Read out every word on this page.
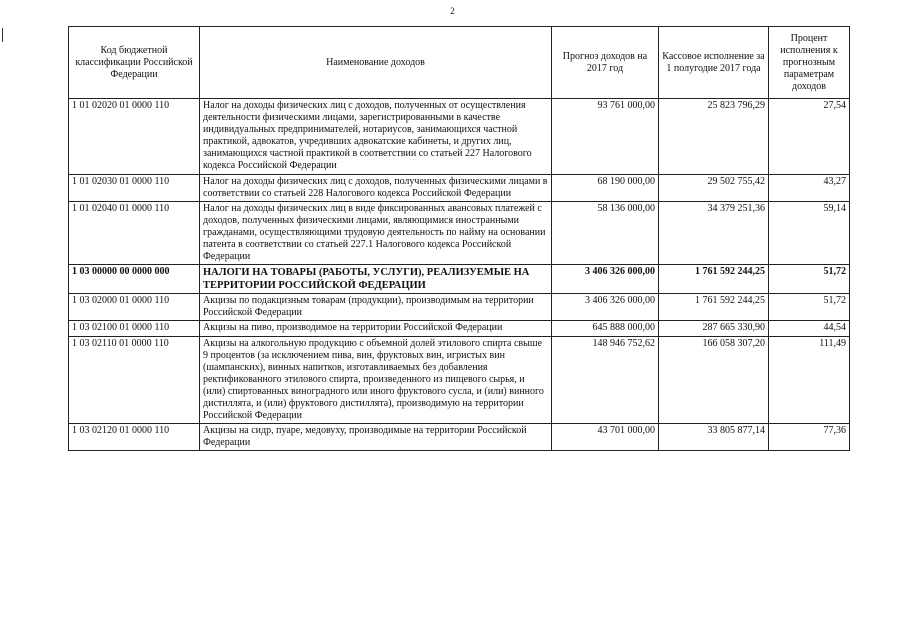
2
Код бюджетной классификации Российской Федерации	Наименование доходов	Прогноз доходов на 2017 год	Кассовое исполнение за 1 полугодие 2017 года	Процент исполнения к прогнозным параметрам доходов
1 01 02020 01 0000 110	Налог на доходы физических лиц с доходов, полученных от осуществления деятельности физическими лицами, зарегистрированными в качестве индивидуальных предпринимателей, нотариусов, занимающихся частной практикой, адвокатов, учредивших адвокатские кабинеты, и других лиц, занимающихся частной практикой в соответствии со статьей 227 Налогового кодекса Российской Федерации	93 761 000,00	25 823 796,29	27,54
1 01 02030 01 0000 110	Налог на доходы физических лиц с доходов, полученных физическими лицами в соответствии со статьей 228 Налогового кодекса Российской Федерации	68 190 000,00	29 502 755,42	43,27
1 01 02040 01 0000 110	Налог на доходы физических лиц в виде фиксированных авансовых платежей с доходов, полученных физическими лицами, являющимися иностранными гражданами, осуществляющими трудовую деятельность по найму на основании патента в соответствии со статьей 227.1 Налогового кодекса Российской Федерации	58 136 000,00	34 379 251,36	59,14
1 03 00000 00 0000 000	НАЛОГИ НА ТОВАРЫ (РАБОТЫ, УСЛУГИ), РЕАЛИЗУЕМЫЕ НА ТЕРРИТОРИИ РОССИЙСКОЙ ФЕДЕРАЦИИ	3 406 326 000,00	1 761 592 244,25	51,72
1 03 02000 01 0000 110	Акцизы по подакцизным товарам (продукции), производимым на территории Российской Федерации	3 406 326 000,00	1 761 592 244,25	51,72
1 03 02100 01 0000 110	Акцизы на пиво, производимое на территории Российской Федерации	645 888 000,00	287 665 330,90	44,54
1 03 02110 01 0000 110	Акцизы на алкогольную продукцию с объемной долей этилового спирта свыше 9 процентов (за исключением пива, вин, фруктовых вин, игристых вин (шампанских), винных напитков, изготавливаемых без добавления ректификованного этилового спирта, произведенного из пищевого сырья, и (или) спиртованных виноградного или иного фруктового сусла, и (или) винного дистиллята, и (или) фруктового дистиллята), производимую на территории Российской Федерации	148 946 752,62	166 058 307,20	111,49
1 03 02120 01 0000 110	Акцизы на сидр, пуаре, медовуху, производимые на территории Российской Федерации	43 701 000,00	33 805 877,14	77,36
